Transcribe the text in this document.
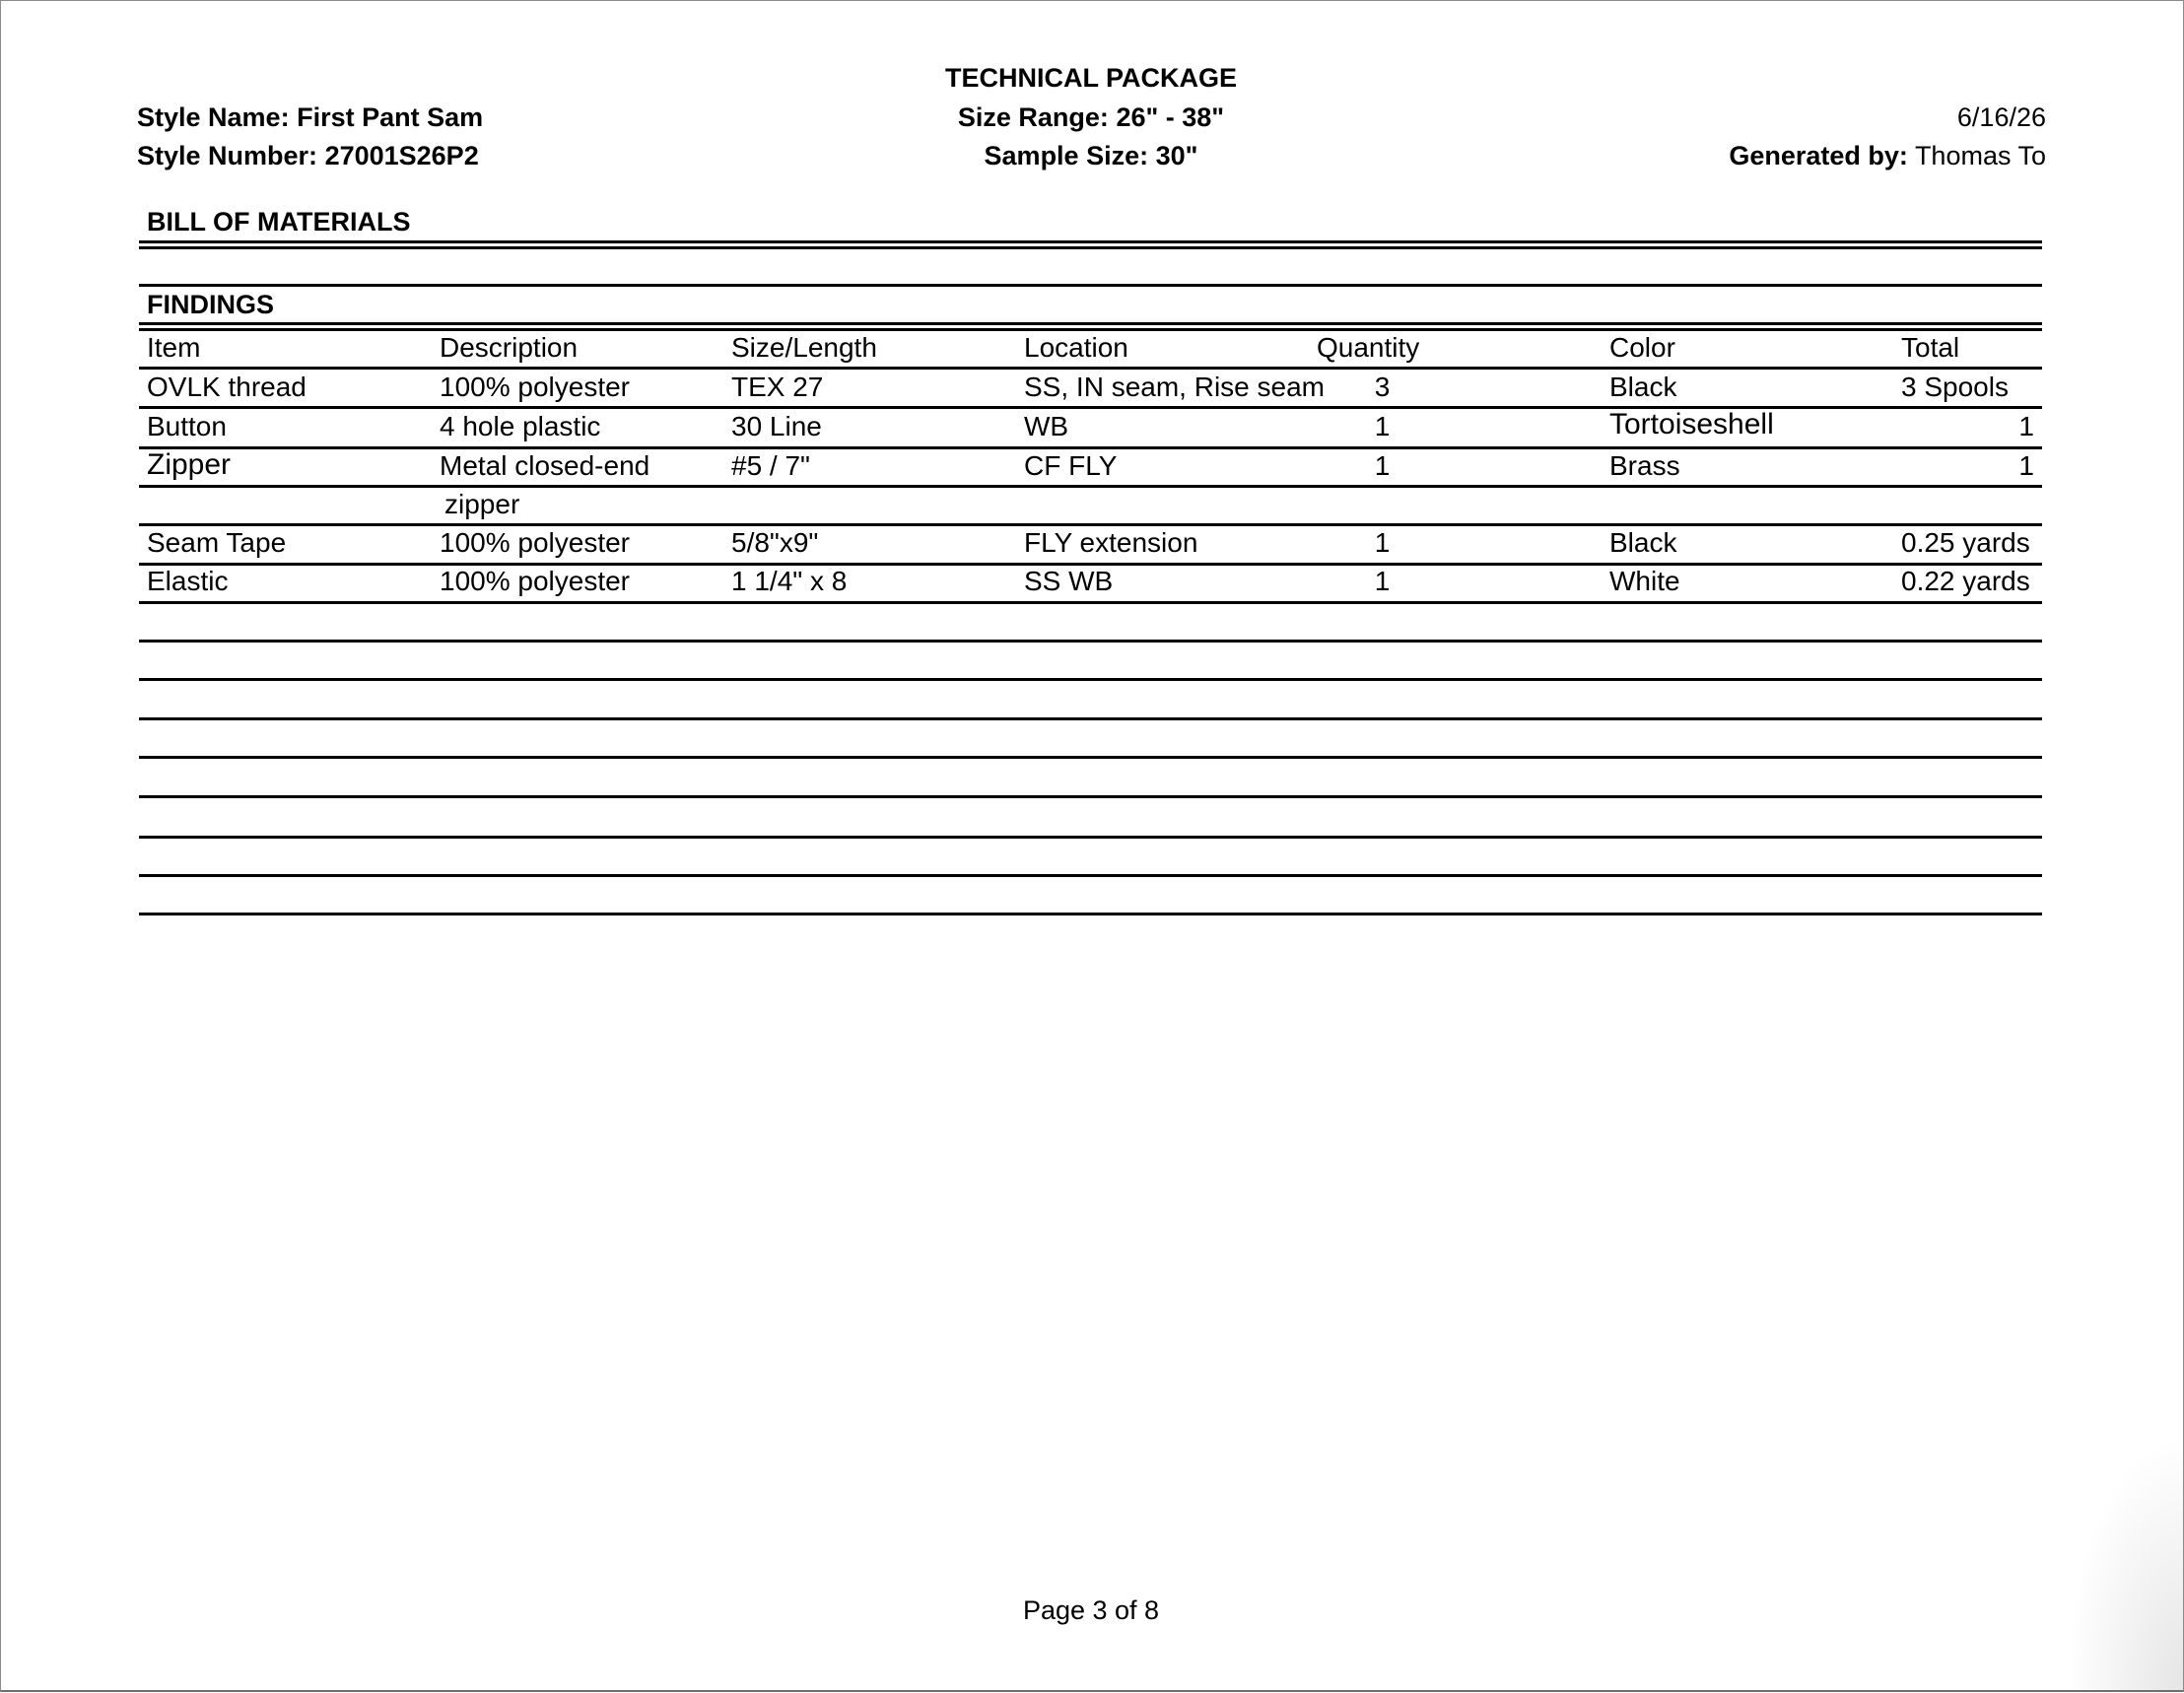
TECHNICAL PACKAGE
Style Name: First Pant Sam
Style Number: 27001S26P2
Size Range: 26" - 38"
Sample Size: 30"
6/16/26
Generated by: Thomas To
BILL OF MATERIALS
FINDINGS
Item	Description	Size/Length	Location	Quantity	Color	Total
OVLK thread	100% polyester	TEX 27	SS, IN seam, Rise seam	3	Black	3 Spools
Button	4 hole plastic	30 Line	WB	1	Tortoiseshell	1
Zipper	Metal closed-end	#5 / 7"	CF FLY	1	Brass	1
zipper
Seam Tape	100% polyester	5/8"x9"	FLY extension	1	Black	0.25 yards
Elastic	100% polyester	1 1/4" x 8	SS WB	1	White	0.22 yards
Page 3 of 8
